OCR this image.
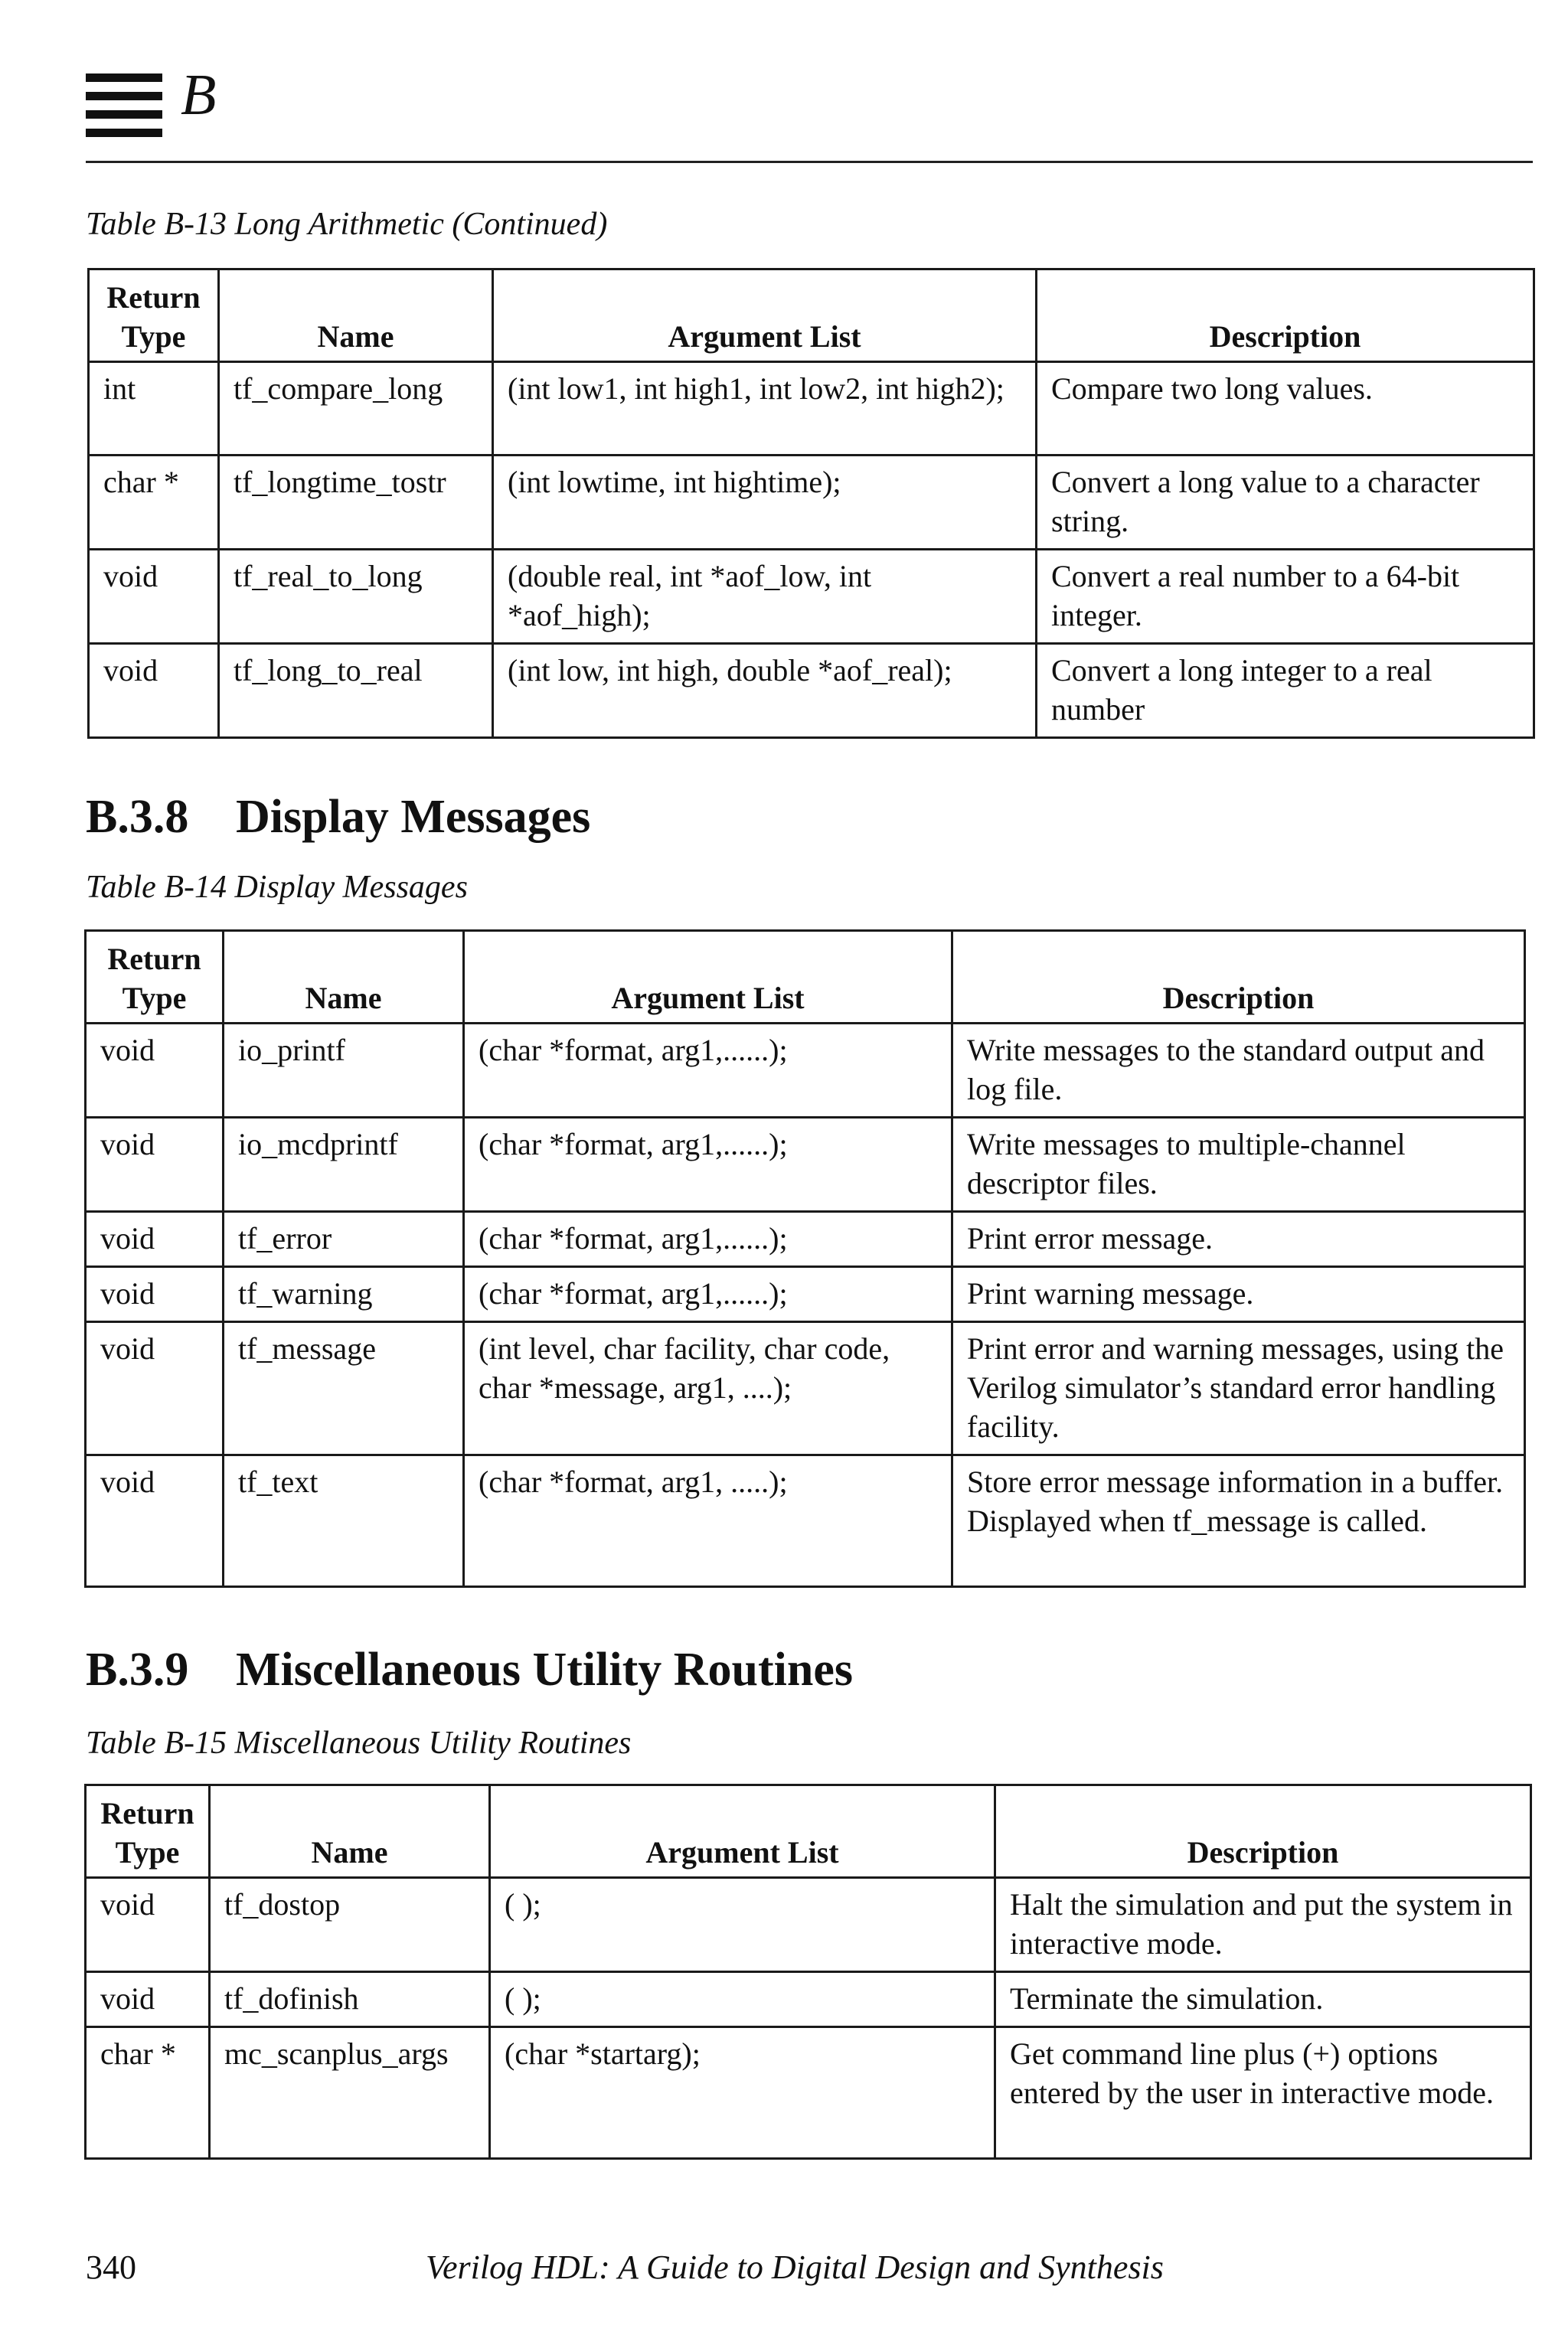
B
Table B-13 Long Arithmetic (Continued)
Return Type	Name	Argument List	Description
int	tf_compare_long	(int low1, int high1, int low2, int high2);	Compare two long values.
char *	tf_longtime_tostr	(int lowtime, int hightime);	Convert a long value to a character string.
void	tf_real_to_long	(double real, int *aof_low, int *aof_high);	Convert a real number to a 64-bit integer.
void	tf_long_to_real	(int low, int high, double *aof_real);	Convert a long integer to a real number
B.3.8 Display Messages
Table B-14 Display Messages
Return Type	Name	Argument List	Description
void	io_printf	(char *format, arg1,......);	Write messages to the standard output and log file.
void	io_mcdprintf	(char *format, arg1,......);	Write messages to multiple-channel descriptor files.
void	tf_error	(char *format, arg1,......);	Print error message.
void	tf_warning	(char *format, arg1,......);	Print warning message.
void	tf_message	(int level, char facility, char code, char *message, arg1, ....);	Print error and warning messages, using the Verilog simulator’s standard error handling facility.
void	tf_text	(char *format, arg1, .....);	Store error message information in a buffer. Displayed when tf_message is called.
B.3.9 Miscellaneous Utility Routines
Table B-15 Miscellaneous Utility Routines
Return Type	Name	Argument List	Description
void	tf_dostop	( );	Halt the simulation and put the system in interactive mode.
void	tf_dofinish	( );	Terminate the simulation.
char *	mc_scanplus_args	(char *startarg);	Get command line plus (+) options entered by the user in interactive mode.
340	Verilog HDL: A Guide to Digital Design and Synthesis
